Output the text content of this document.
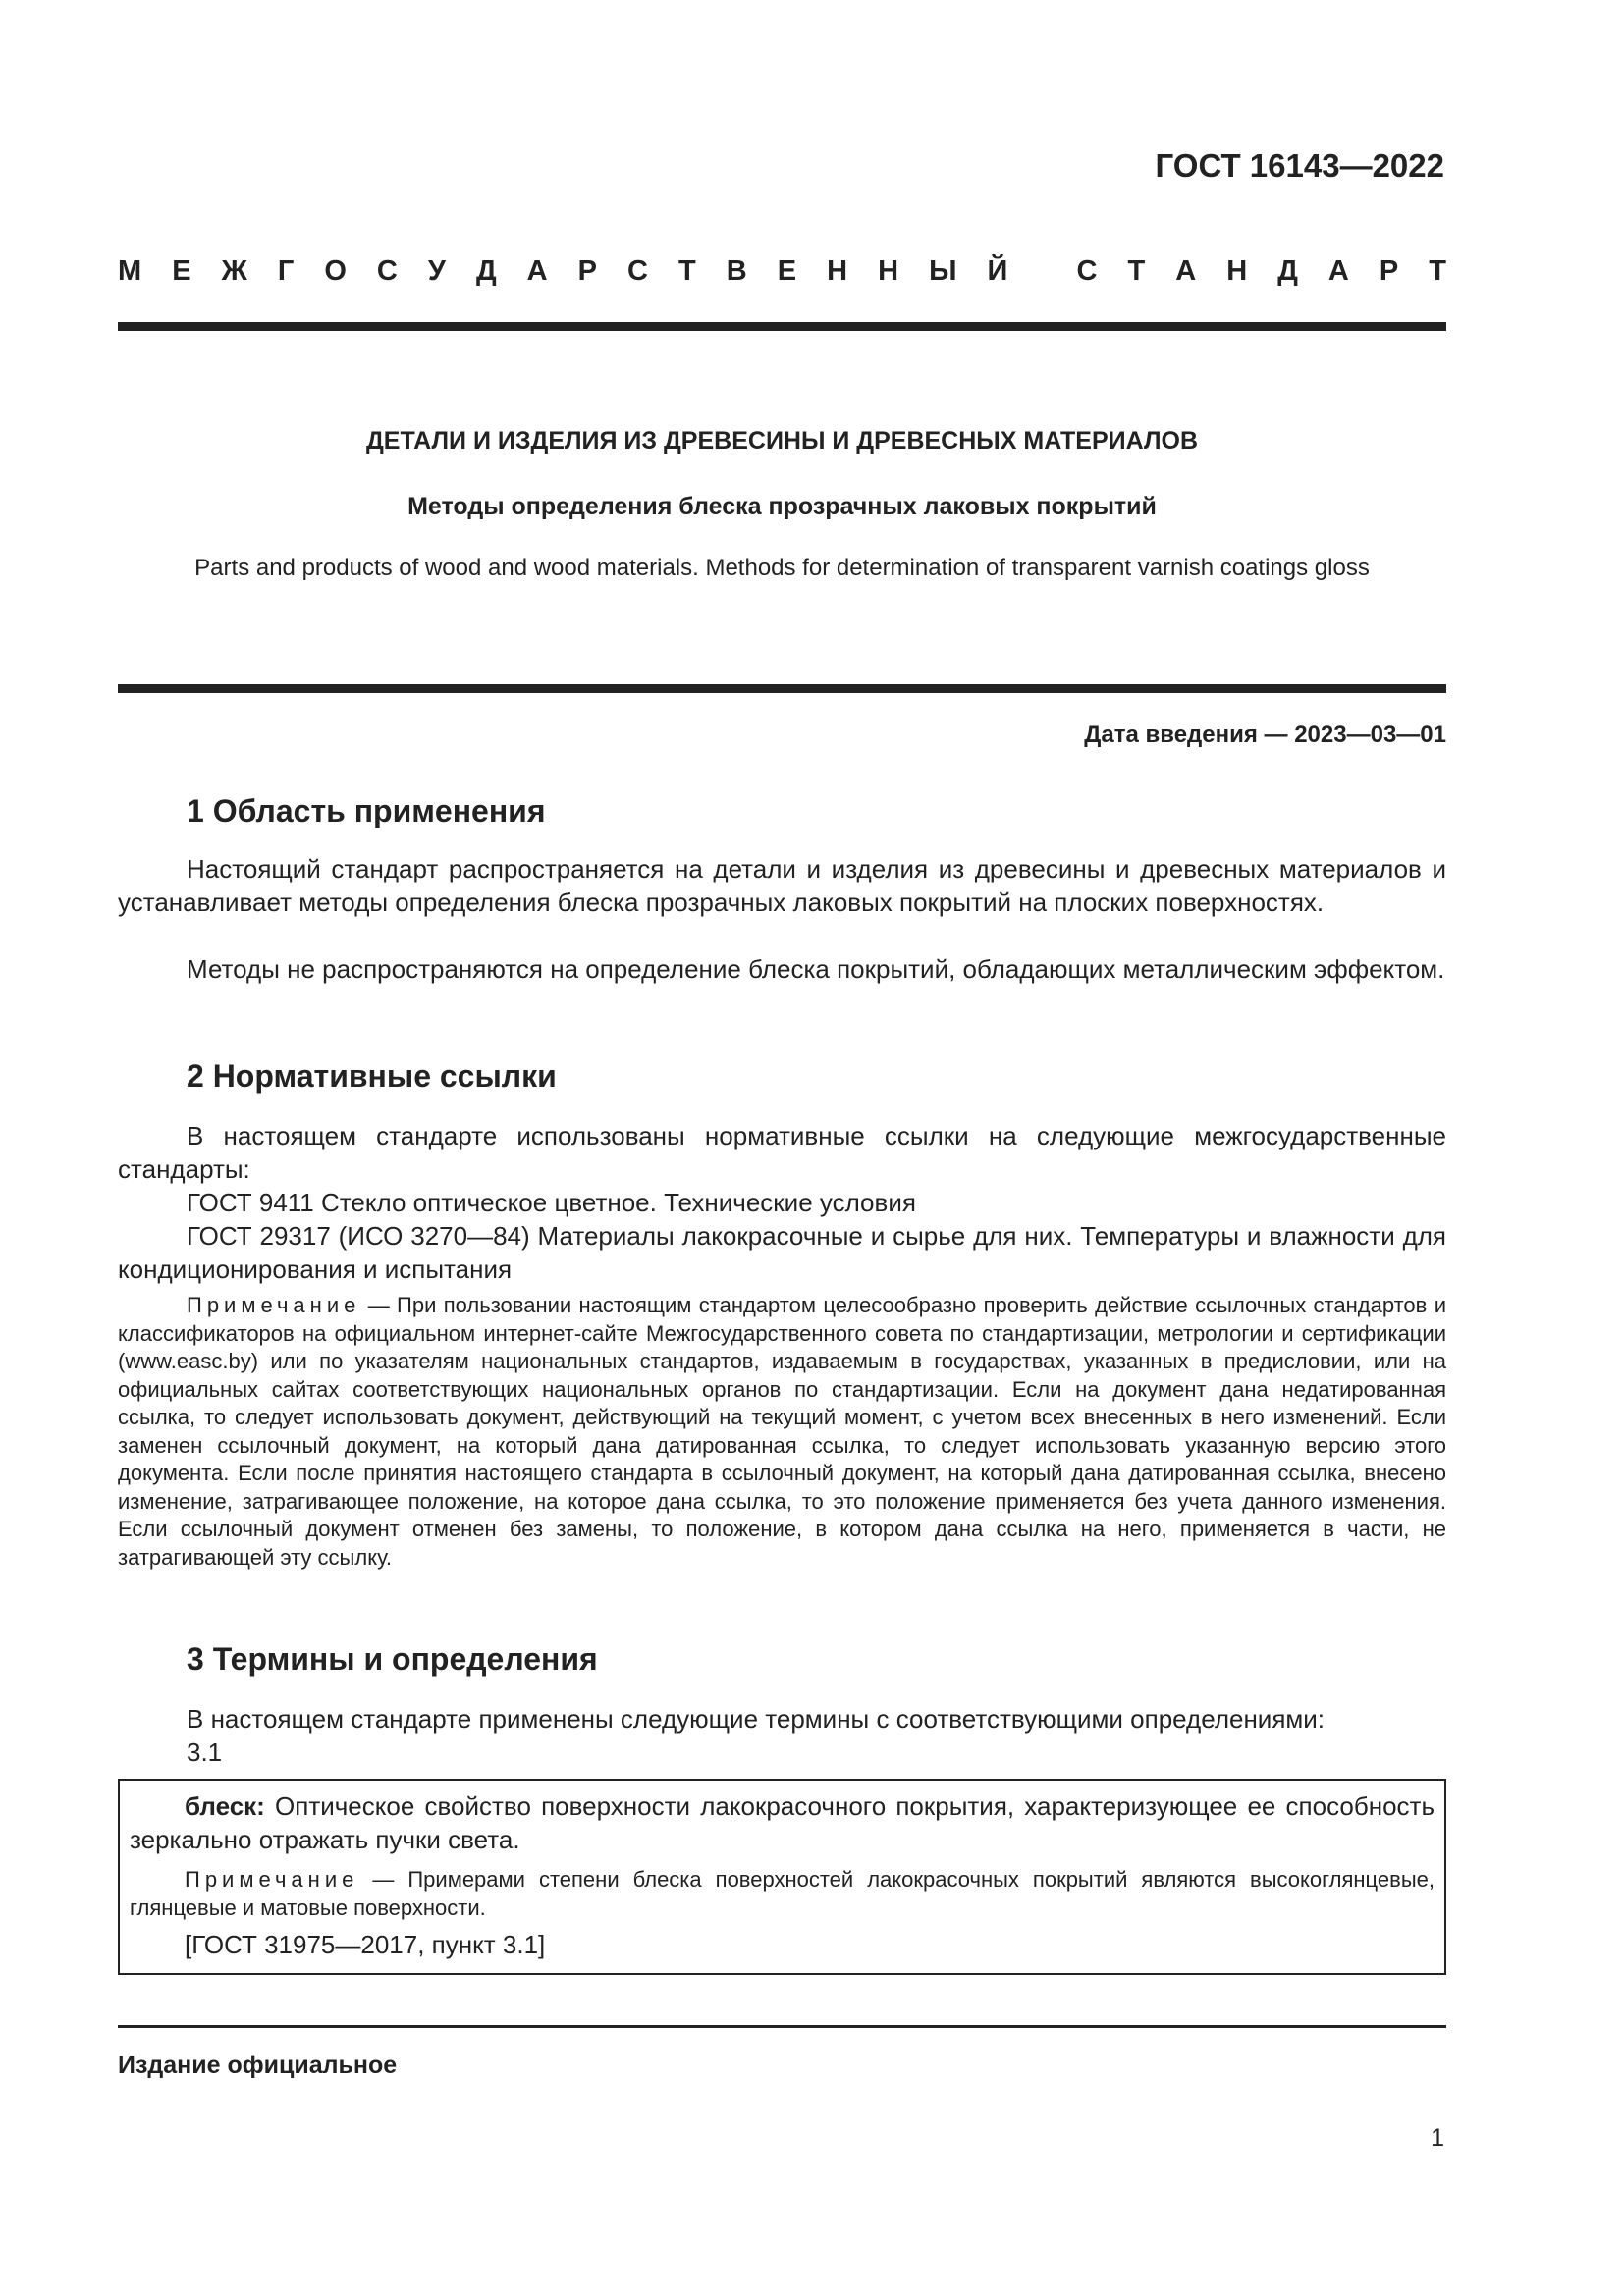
ГОСТ 16143—2022
М Е Ж Г О С У Д А Р С Т В Е Н Н Ы Й
С Т А Н Д А Р Т
ДЕТАЛИ И ИЗДЕЛИЯ ИЗ ДРЕВЕСИНЫ И ДРЕВЕСНЫХ МАТЕРИАЛОВ
Методы определения блеска прозрачных лаковых покрытий
Parts and products of wood and wood materials. Methods for determination of transparent varnish coatings gloss
Дата введения — 2023—03—01
1 Область применения

Настоящий стандарт распространяется на детали и изделия из древесины и древесных материалов и устанавливает методы определения блеска прозрачных лаковых покрытий на плоских поверхностях.

Методы не распространяются на определение блеска покрытий, обладающих металлическим эффектом.

2 Нормативные ссылки

В настоящем стандарте использованы нормативные ссылки на следующие межгосударственные стандарты:

ГОСТ 9411 Стекло оптическое цветное. Технические условия

ГОСТ 29317 (ИСО 3270—84) Материалы лакокрасочные и сырье для них. Температуры и влажности для кондиционирования и испытания

Примечание — При пользовании настоящим стандартом целесообразно проверить действие ссылочных стандартов и классификаторов на официальном интернет-сайте Межгосударственного совета по стандартизации, метрологии и сертификации (www.easc.by) или по указателям национальных стандартов, издаваемым в государствах, указанных в предисловии, или на официальных сайтах соответствующих национальных органов по стандартизации. Если на документ дана недатированная ссылка, то следует использовать документ, действующий на текущий момент, с учетом всех внесенных в него изменений. Если заменен ссылочный документ, на который дана датированная ссылка, то следует использовать указанную версию этого документа. Если после принятия настоящего стандарта в ссылочный документ, на который дана датированная ссылка, внесено изменение, затрагивающее положение, на которое дана ссылка, то это положение применяется без учета данного изменения. Если ссылочный документ отменен без замены, то положение, в котором дана ссылка на него, применяется в части, не затрагивающей эту ссылку.

3 Термины и определения

В настоящем стандарте применены следующие термины с соответствующими определениями:

3.1

блеск: Оптическое свойство поверхности лакокрасочного покрытия, характеризующее ее способность зеркально отражать пучки света.

Примечание — Примерами степени блеска поверхностей лакокрасочных покрытий являются высокоглянцевые, глянцевые и матовые поверхности.

[ГОСТ 31975—2017, пункт 3.1]

Издание официальное
1
